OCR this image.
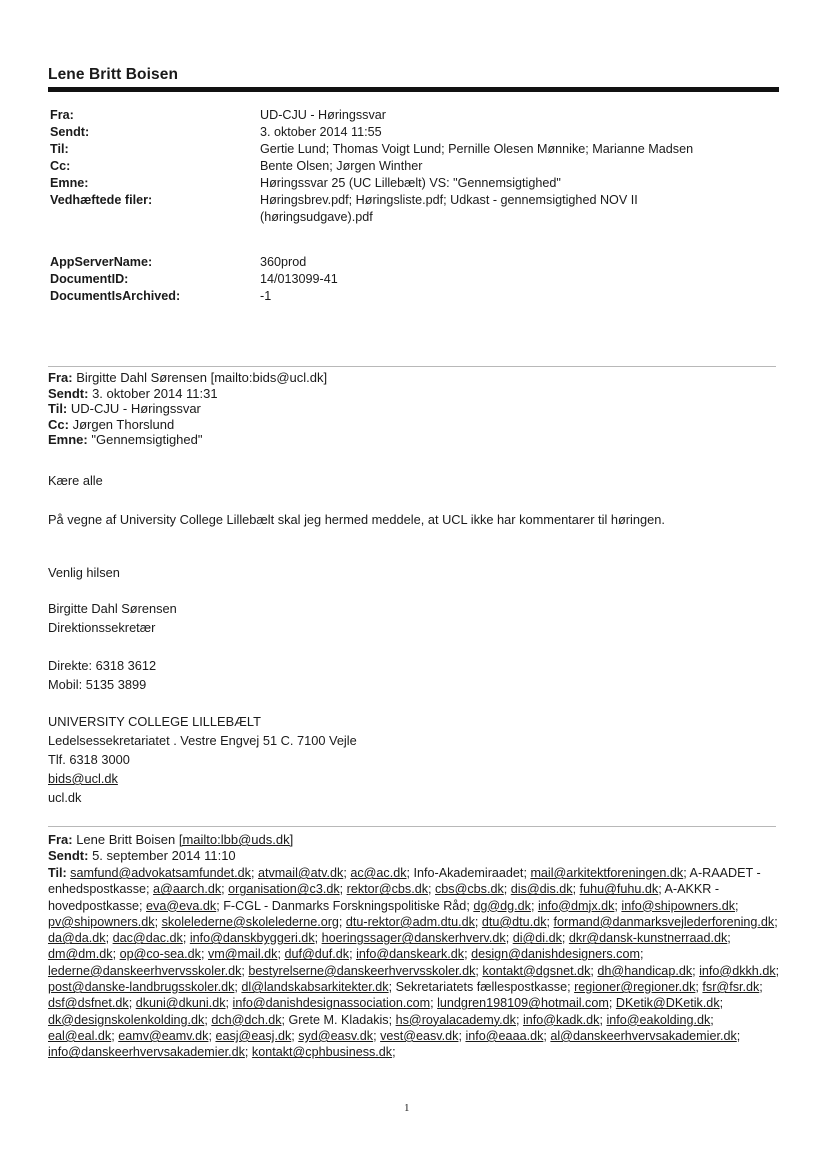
Lene Britt Boisen
Fra:	UD-CJU - Høringssvar
Sendt:	3. oktober 2014 11:55
Til:	Gertie Lund; Thomas Voigt Lund; Pernille Olesen Mønnike; Marianne Madsen
Cc:	Bente Olsen; Jørgen Winther
Emne:	Høringssvar 25 (UC Lillebælt) VS: "Gennemsigtighed"
Vedhæftede filer:	Høringsbrev.pdf; Høringsliste.pdf; Udkast - gennemsigtighed NOV II (høringsudgave).pdf
AppServerName:	360prod
DocumentID:	14/013099-41
DocumentIsArchived:	-1
Fra: Birgitte Dahl Sørensen [mailto:bids@ucl.dk]
Sendt: 3. oktober 2014 11:31
Til: UD-CJU - Høringssvar
Cc: Jørgen Thorslund
Emne: "Gennemsigtighed"
Kære alle
På vegne af University College Lillebælt skal jeg hermed meddele, at UCL ikke har kommentarer til høringen.
Venlig hilsen

Birgitte Dahl Sørensen

Direktionssekretær

Direkte: 6318 3612

Mobil: 5135 3899

UNIVERSITY COLLEGE LILLEBÆLT

Ledelsessekretariatet . Vestre Engvej 51 C. 7100 Vejle

Tlf. 6318 3000

bids@ucl.dk

ucl.dk

Fra: Lene Britt Boisen [mailto:lbb@uds.dk]
Sendt: 5. september 2014 11:10
Til: samfund@advokatsamfundet.dk; atvmail@atv.dk; ac@ac.dk; Info-Akademiraadet; mail@arkitektforeningen.dk; A-RAADET - enhedspostkasse; a@aarch.dk; organisation@c3.dk; rektor@cbs.dk; cbs@cbs.dk; dis@dis.dk; fuhu@fuhu.dk; A-AKKR - hovedpostkasse; eva@eva.dk; F-CGL - Danmarks Forskningspolitiske Råd; dg@dg.dk; info@dmjx.dk; info@shipowners.dk; pv@shipowners.dk; skolelederne@skolelederne.org; dtu-rektor@adm.dtu.dk; dtu@dtu.dk; formand@danmarksvejlederforening.dk; da@da.dk; dac@dac.dk; info@danskbyggeri.dk; hoeringssager@danskerhverv.dk; di@di.dk; dkr@dansk-kunstnerraad.dk; dm@dm.dk; op@co-sea.dk; vm@mail.dk; duf@duf.dk; info@danskeark.dk; design@danishdesigners.com; lederne@danskeerhvervsskoler.dk; bestyrelserne@danskeerhvervsskoler.dk; kontakt@dgsnet.dk; dh@handicap.dk; info@dkkh.dk; post@danske-landbrugsskoler.dk; dl@landskabsarkitekter.dk; Sekretariatets fællespostkasse; regioner@regioner.dk; fsr@fsr.dk; dsf@dsfnet.dk; dkuni@dkuni.dk; info@danishdesignassociation.com; lundgren198109@hotmail.com; DKetik@DKetik.dk; dk@designskolenkolding.dk; dch@dch.dk; Grete M. Kladakis; hs@royalacademy.dk; info@kadk.dk; info@eakolding.dk; eal@eal.dk; eamv@eamv.dk; easj@easj.dk; syd@easv.dk; vest@easv.dk; info@eaaa.dk; al@danskeerhvervsakademier.dk; info@danskeerhvervsakademier.dk; kontakt@cphbusiness.dk;
1
